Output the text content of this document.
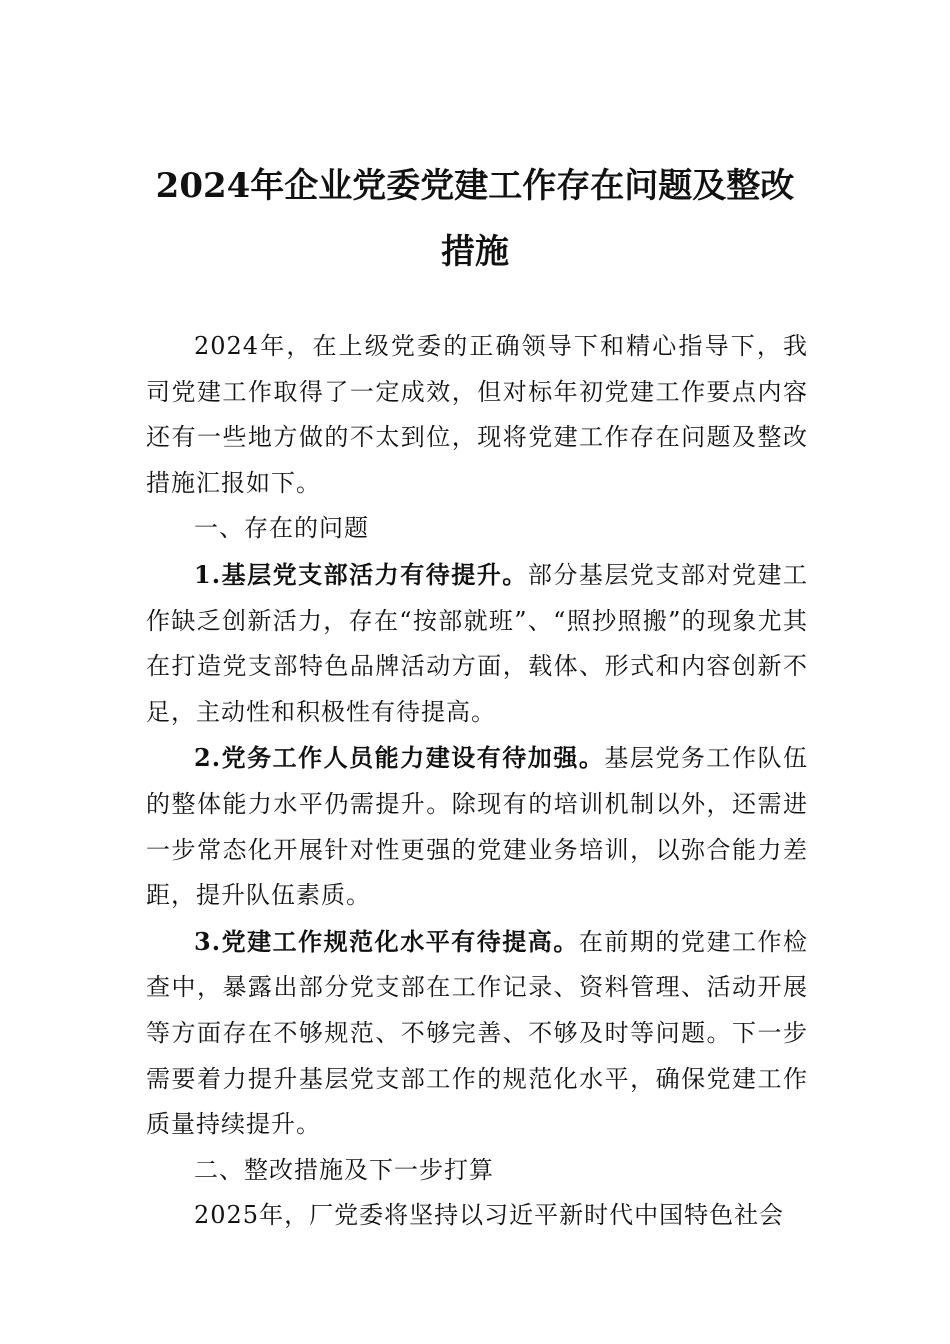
2024年企业党委党建工作存在问题及整改
措施

2024年，在上级党委的正确领导下和精心指导下，我司党建工作取得了一定成效，但对标年初党建工作要点内容还有一些地方做的不太到位，现将党建工作存在问题及整改措施汇报如下。

一、存在的问题

1.基层党支部活力有待提升。部分基层党支部对党建工作缺乏创新活力，存在“按部就班”、“照抄照搬”的现象尤其在打造党支部特色品牌活动方面，载体、形式和内容创新不足，主动性和积极性有待提高。

2.党务工作人员能力建设有待加强。基层党务工作队伍的整体能力水平仍需提升。除现有的培训机制以外，还需进一步常态化开展针对性更强的党建业务培训，以弥合能力差距，提升队伍素质。

3.党建工作规范化水平有待提高。在前期的党建工作检查中，暴露出部分党支部在工作记录、资料管理、活动开展等方面存在不够规范、不够完善、不够及时等问题。下一步需要着力提升基层党支部工作的规范化水平，确保党建工作质量持续提升。

二、整改措施及下一步打算

2025年，厂党委将坚持以习近平新时代中国特色社会
